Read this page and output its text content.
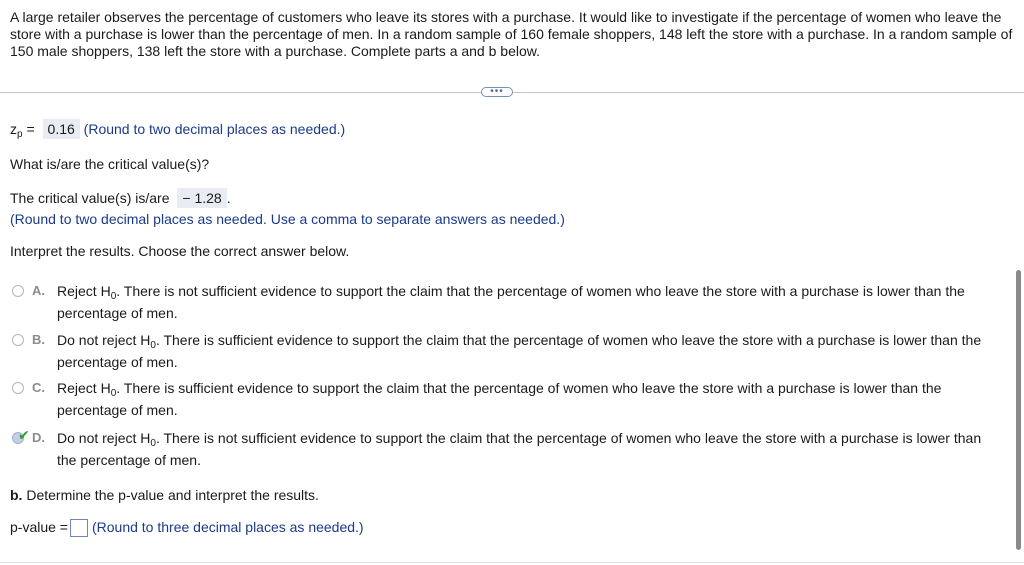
A large retailer observes the percentage of customers who leave its stores with a purchase. It would like to investigate if the percentage of women who leave the store with a purchase is lower than the percentage of men. In a random sample of 160 female shoppers, 148 left the store with a purchase. In a random sample of 150 male shoppers, 138 left the store with a purchase. Complete parts a and b below.
•••
$z_p = 0.16$ (Round to two decimal places as needed.)
What is/are the critical value(s)?
The critical value(s) is/are − 1.28 .
(Round to two decimal places as needed. Use a comma to separate answers as needed.)
Interpret the results. Choose the correct answer below.
A. Reject $H_0$. There is not sufficient evidence to support the claim that the percentage of women who leave the store with a purchase is lower than the percentage of men.
B. Do not reject $H_0$. There is sufficient evidence to support the claim that the percentage of women who leave the store with a purchase is lower than the percentage of men.
C. Reject $H_0$. There is sufficient evidence to support the claim that the percentage of women who leave the store with a purchase is lower than the percentage of men.
✔ D. Do not reject $H_0$. There is not sufficient evidence to support the claim that the percentage of women who leave the store with a purchase is lower than the percentage of men.
b. Determine the p-value and interpret the results.
p-value = (Round to three decimal places as needed.)
